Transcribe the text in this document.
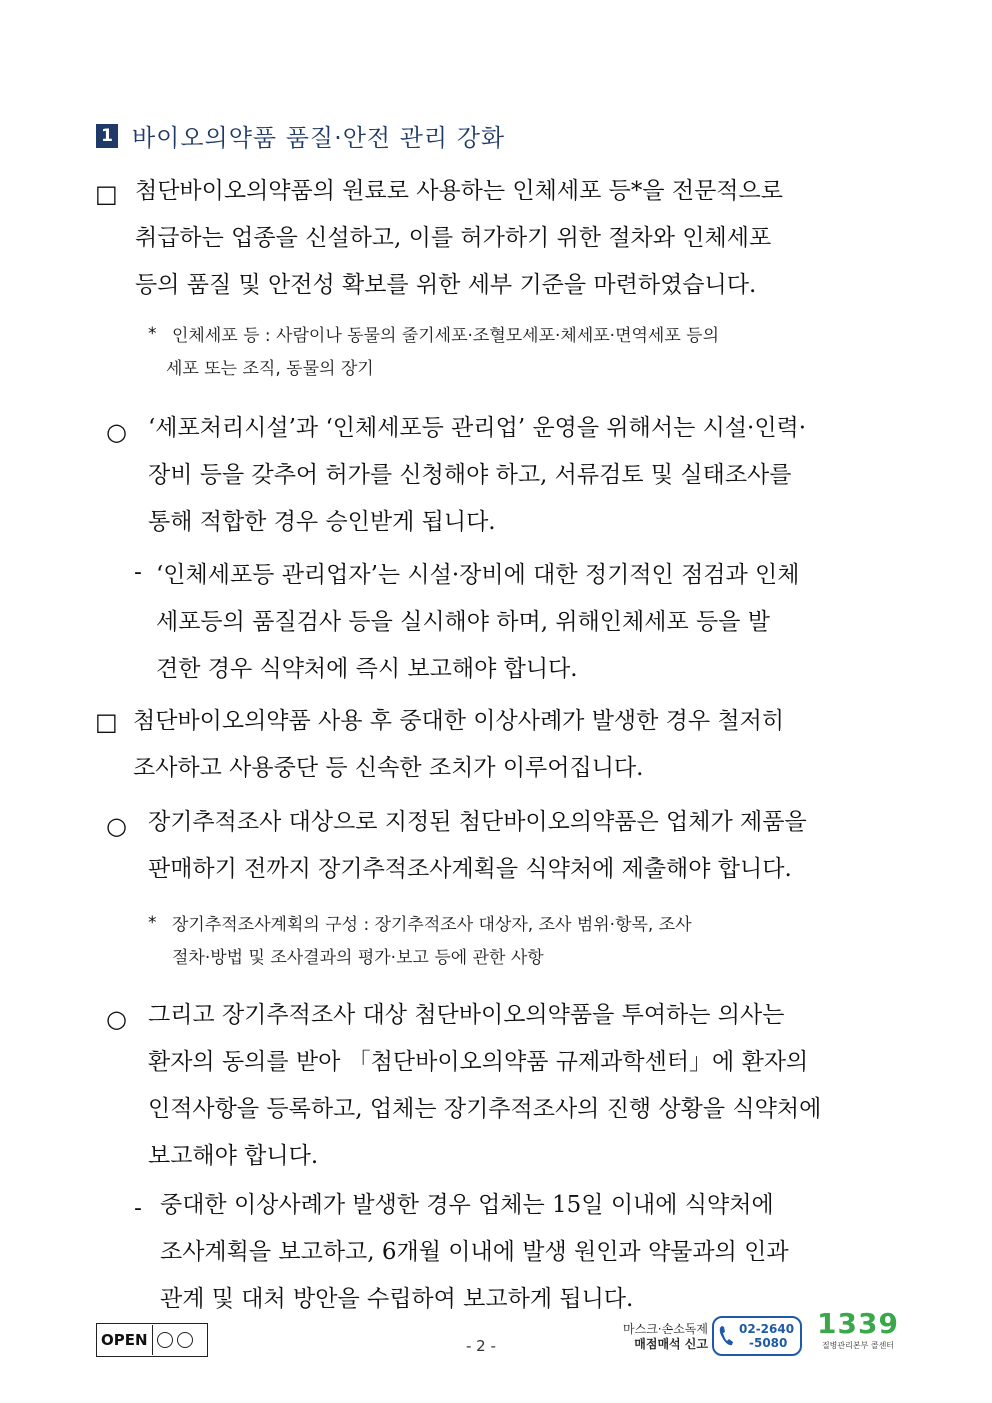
1 바이오의약품 품질·안전 관리 강화
□ 첨단바이오의약품의 원료로 사용하는 인체세포 등*을 전문적으로
취급하는 업종을 신설하고, 이를 허가하기 위한 절차와 인체세포
등의 품질 및 안전성 확보를 위한 세부 기준을 마련하였습니다.
* 인체세포 등 : 사람이나 동물의 줄기세포·조혈모세포·체세포·면역세포 등의
세포 또는 조직, 동물의 장기
○ ‘세포처리시설’과 ‘인체세포등 관리업’ 운영을 위해서는 시설·인력·
장비 등을 갖추어 허가를 신청해야 하고, 서류검토 및 실태조사를
통해 적합한 경우 승인받게 됩니다.
- ‘인체세포등 관리업자’는 시설·장비에 대한 정기적인 점검과 인체
세포등의 품질검사 등을 실시해야 하며, 위해인체세포 등을 발
견한 경우 식약처에 즉시 보고해야 합니다.
□ 첨단바이오의약품 사용 후 중대한 이상사례가 발생한 경우 철저히
조사하고 사용중단 등 신속한 조치가 이루어집니다.
○ 장기추적조사 대상으로 지정된 첨단바이오의약품은 업체가 제품을
판매하기 전까지 장기추적조사계획을 식약처에 제출해야 합니다.
* 장기추적조사계획의 구성 : 장기추적조사 대상자, 조사 범위·항목, 조사
절차·방법 및 조사결과의 평가·보고 등에 관한 사항
○ 그리고 장기추적조사 대상 첨단바이오의약품을 투여하는 의사는
환자의 동의를 받아 「첨단바이오의약품 규제과학센터」에 환자의
인적사항을 등록하고, 업체는 장기추적조사의 진행 상황을 식약처에
보고해야 합니다.
- 중대한 이상사례가 발생한 경우 업체는 15일 이내에 식약처에
조사계획을 보고하고, 6개월 이내에 발생 원인과 약물과의 인과
관계 및 대처 방안을 수립하여 보고하게 됩니다.
OPEN	- 2 -
마스크·손소독제
매점매석 신고
02-2640
-5080
1339
질병관리본부 콜센터
